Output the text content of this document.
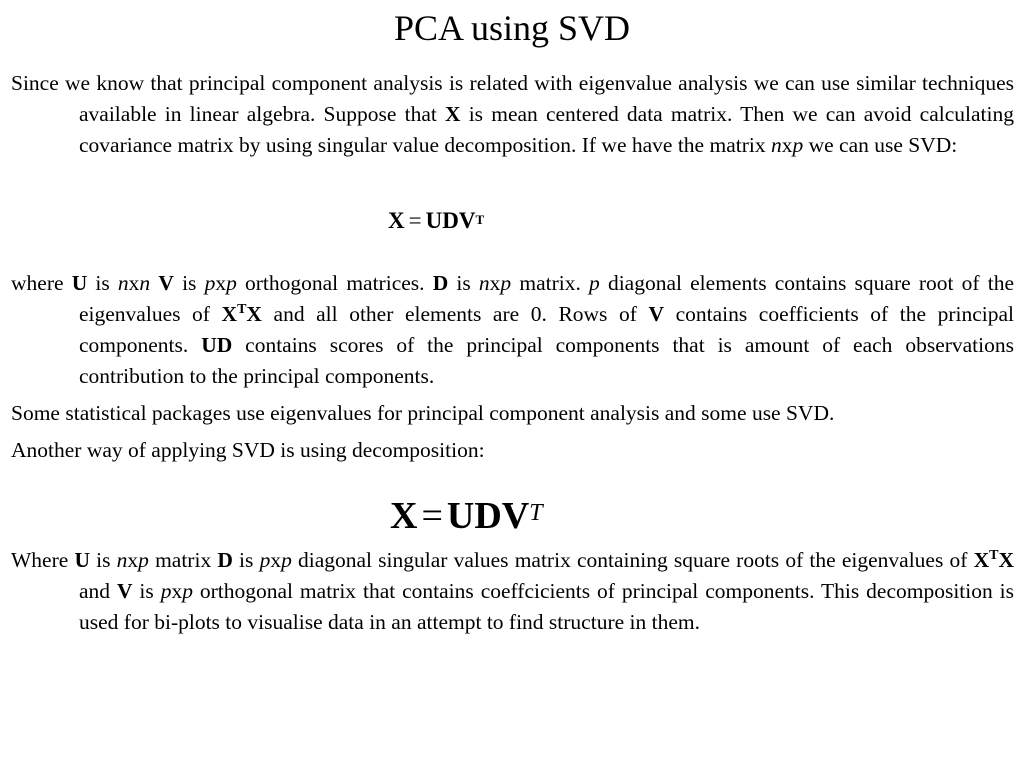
PCA using SVD
Since we know that principal component analysis is related with eigenvalue analysis we can use similar techniques available in linear algebra. Suppose that X is mean centered data matrix. Then we can avoid calculating covariance matrix by using singular value decomposition. If we have the matrix nxp we can use SVD:
$X = UDV^T$
where U is nxn V is pxp orthogonal matrices. D is nxp matrix. p diagonal elements contains square root of the eigenvalues of $X^TX$ and all other elements are 0. Rows of V contains coefficients of the principal components. UD contains scores of the principal components that is amount of each observations contribution to the principal components.
Some statistical packages use eigenvalues for principal component analysis and some use SVD.
Another way of applying SVD is using decomposition:
$X = UDV^T$
Where U is nxp matrix D is pxp diagonal singular values matrix containing square roots of the eigenvalues of $X^TX$ and V is pxp orthogonal matrix that contains coeffcicients of principal components. This decomposition is used for bi-plots to visualise data in an attempt to find structure in them.
